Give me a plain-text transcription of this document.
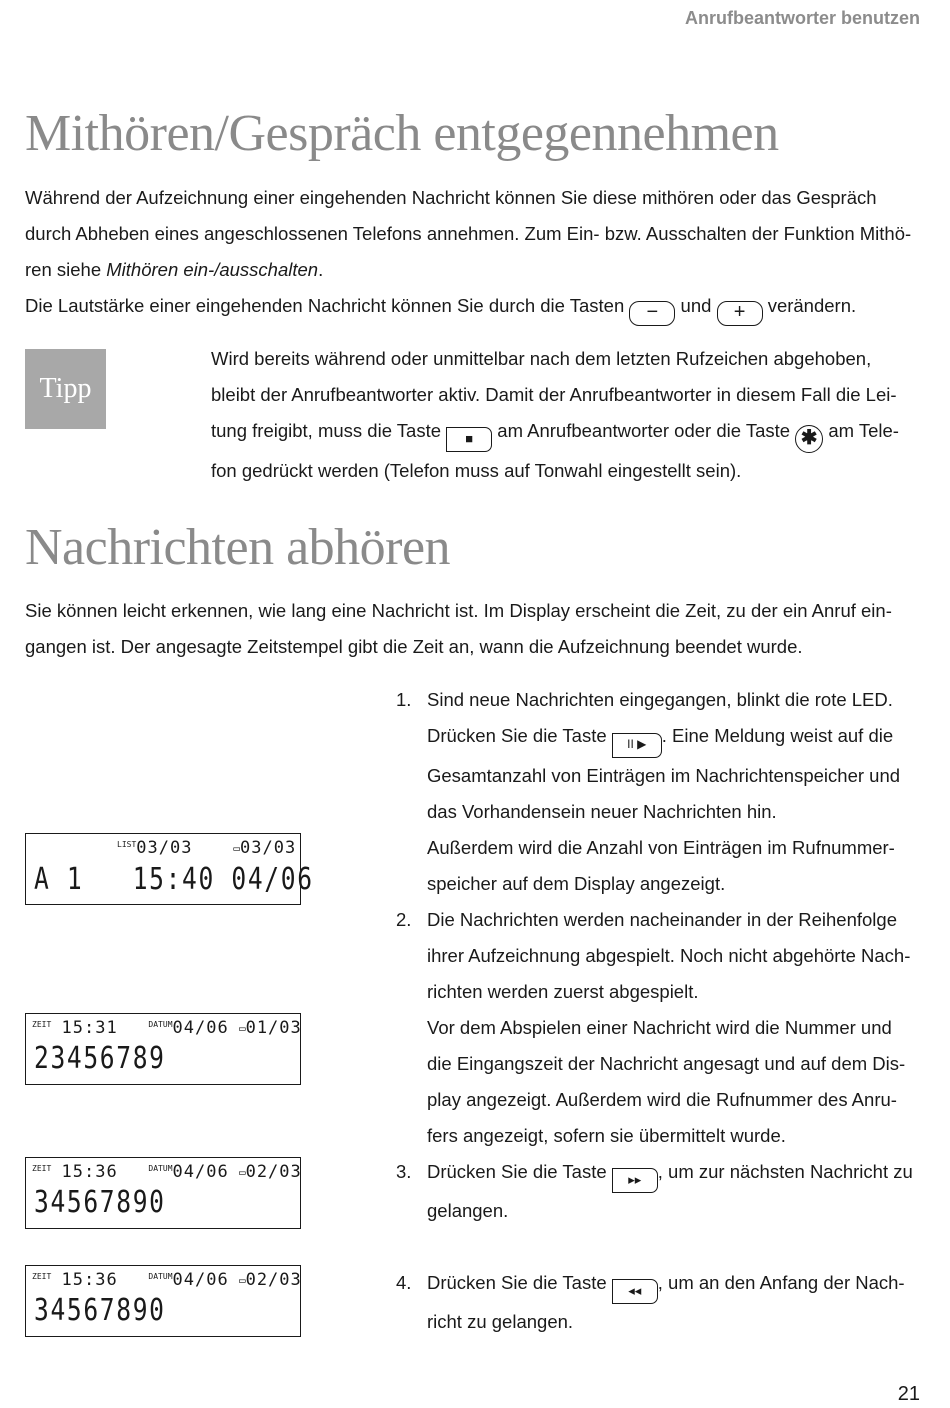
Anrufbeantworter benutzen
Mithören/Gespräch entgegennehmen

Während der Aufzeichnung einer eingehenden Nachricht können Sie diese mithören oder das Gespräch
durch Abheben eines angeschlossenen Telefons annehmen. Zum Ein- bzw. Ausschalten der Funktion Mithö-
ren siehe Mithören ein-/ausschalten.
Die Lautstärke einer eingehenden Nachricht können Sie durch die Tasten − und + verändern.

Tipp

Wird bereits während oder unmittelbar nach dem letzten Rufzeichen abgehoben,
bleibt der Anrufbeantworter aktiv. Damit der Anrufbeantworter in diesem Fall die Lei-
tung freigibt, muss die Taste ■ am Anrufbeantworter oder die Taste ✱ am Tele-
fon gedrückt werden (Telefon muss auf Tonwahl eingestellt sein).

Nachrichten abhören

Sie können leicht erkennen, wie lang eine Nachricht ist. Im Display erscheint die Zeit, zu der ein Anruf ein-
gangen ist. Der angesagte Zeitstempel gibt die Zeit an, wann die Aufzeichnung beendet wurde.

$^{LIST}$03/03	▭03/03
A 1   15:40 04/06
$^{ZEIT}$ 15:31	$^{DATUM}$04/06 ▭01/03
23456789
$^{ZEIT}$ 15:36	$^{DATUM}$04/06 ▭02/03
34567890
$^{ZEIT}$ 15:36	$^{DATUM}$04/06 ▭02/03
34567890
1. Sind neue Nachrichten eingegangen, blinkt die rote LED.
Drücken Sie die Taste II ▶ . Eine Meldung weist auf die
Gesamtanzahl von Einträgen im Nachrichtenspeicher und
das Vorhandensein neuer Nachrichten hin.
Außerdem wird die Anzahl von Einträgen im Rufnummer-
speicher auf dem Display angezeigt.
2. Die Nachrichten werden nacheinander in der Reihenfolge
ihrer Aufzeichnung abgespielt. Noch nicht abgehörte Nach-
richten werden zuerst abgespielt.
Vor dem Abspielen einer Nachricht wird die Nummer und
die Eingangszeit der Nachricht angesagt und auf dem Dis-
play angezeigt. Außerdem wird die Rufnummer des Anru-
fers angezeigt, sofern sie übermittelt wurde.
3. Drücken Sie die Taste ▸▸ , um zur nächsten Nachricht zu
gelangen.
4. Drücken Sie die Taste ◂◂ , um an den Anfang der Nach-
richt zu gelangen.
21
